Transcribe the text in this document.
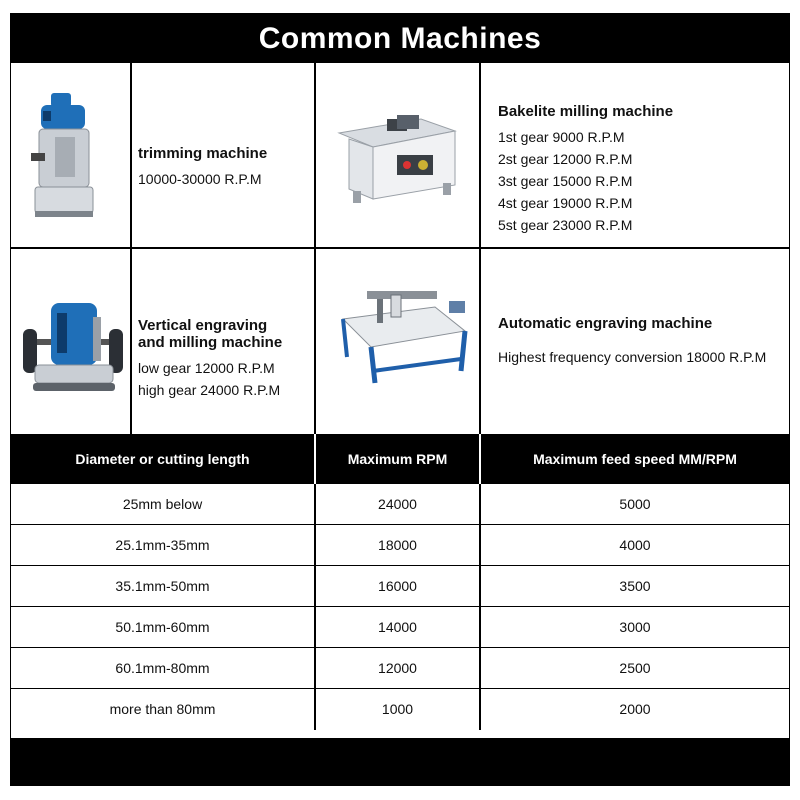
Common Machines
trimming machine
10000-30000 R.P.M
Bakelite milling machine
1st gear 9000 R.P.M
2st gear 12000 R.P.M
3st gear 15000 R.P.M
4st gear 19000 R.P.M
5st gear 23000 R.P.M
Vertical engraving
and milling machine
low gear 12000 R.P.M
high gear 24000 R.P.M
Automatic engraving machine
Highest frequency conversion 18000 R.P.M
Diameter or cutting length	Maximum RPM	Maximum feed speed MM/RPM
25mm below	24000	5000
25.1mm-35mm	18000	4000
35.1mm-50mm	16000	3500
50.1mm-60mm	14000	3000
60.1mm-80mm	12000	2500
more than 80mm	1000	2000
